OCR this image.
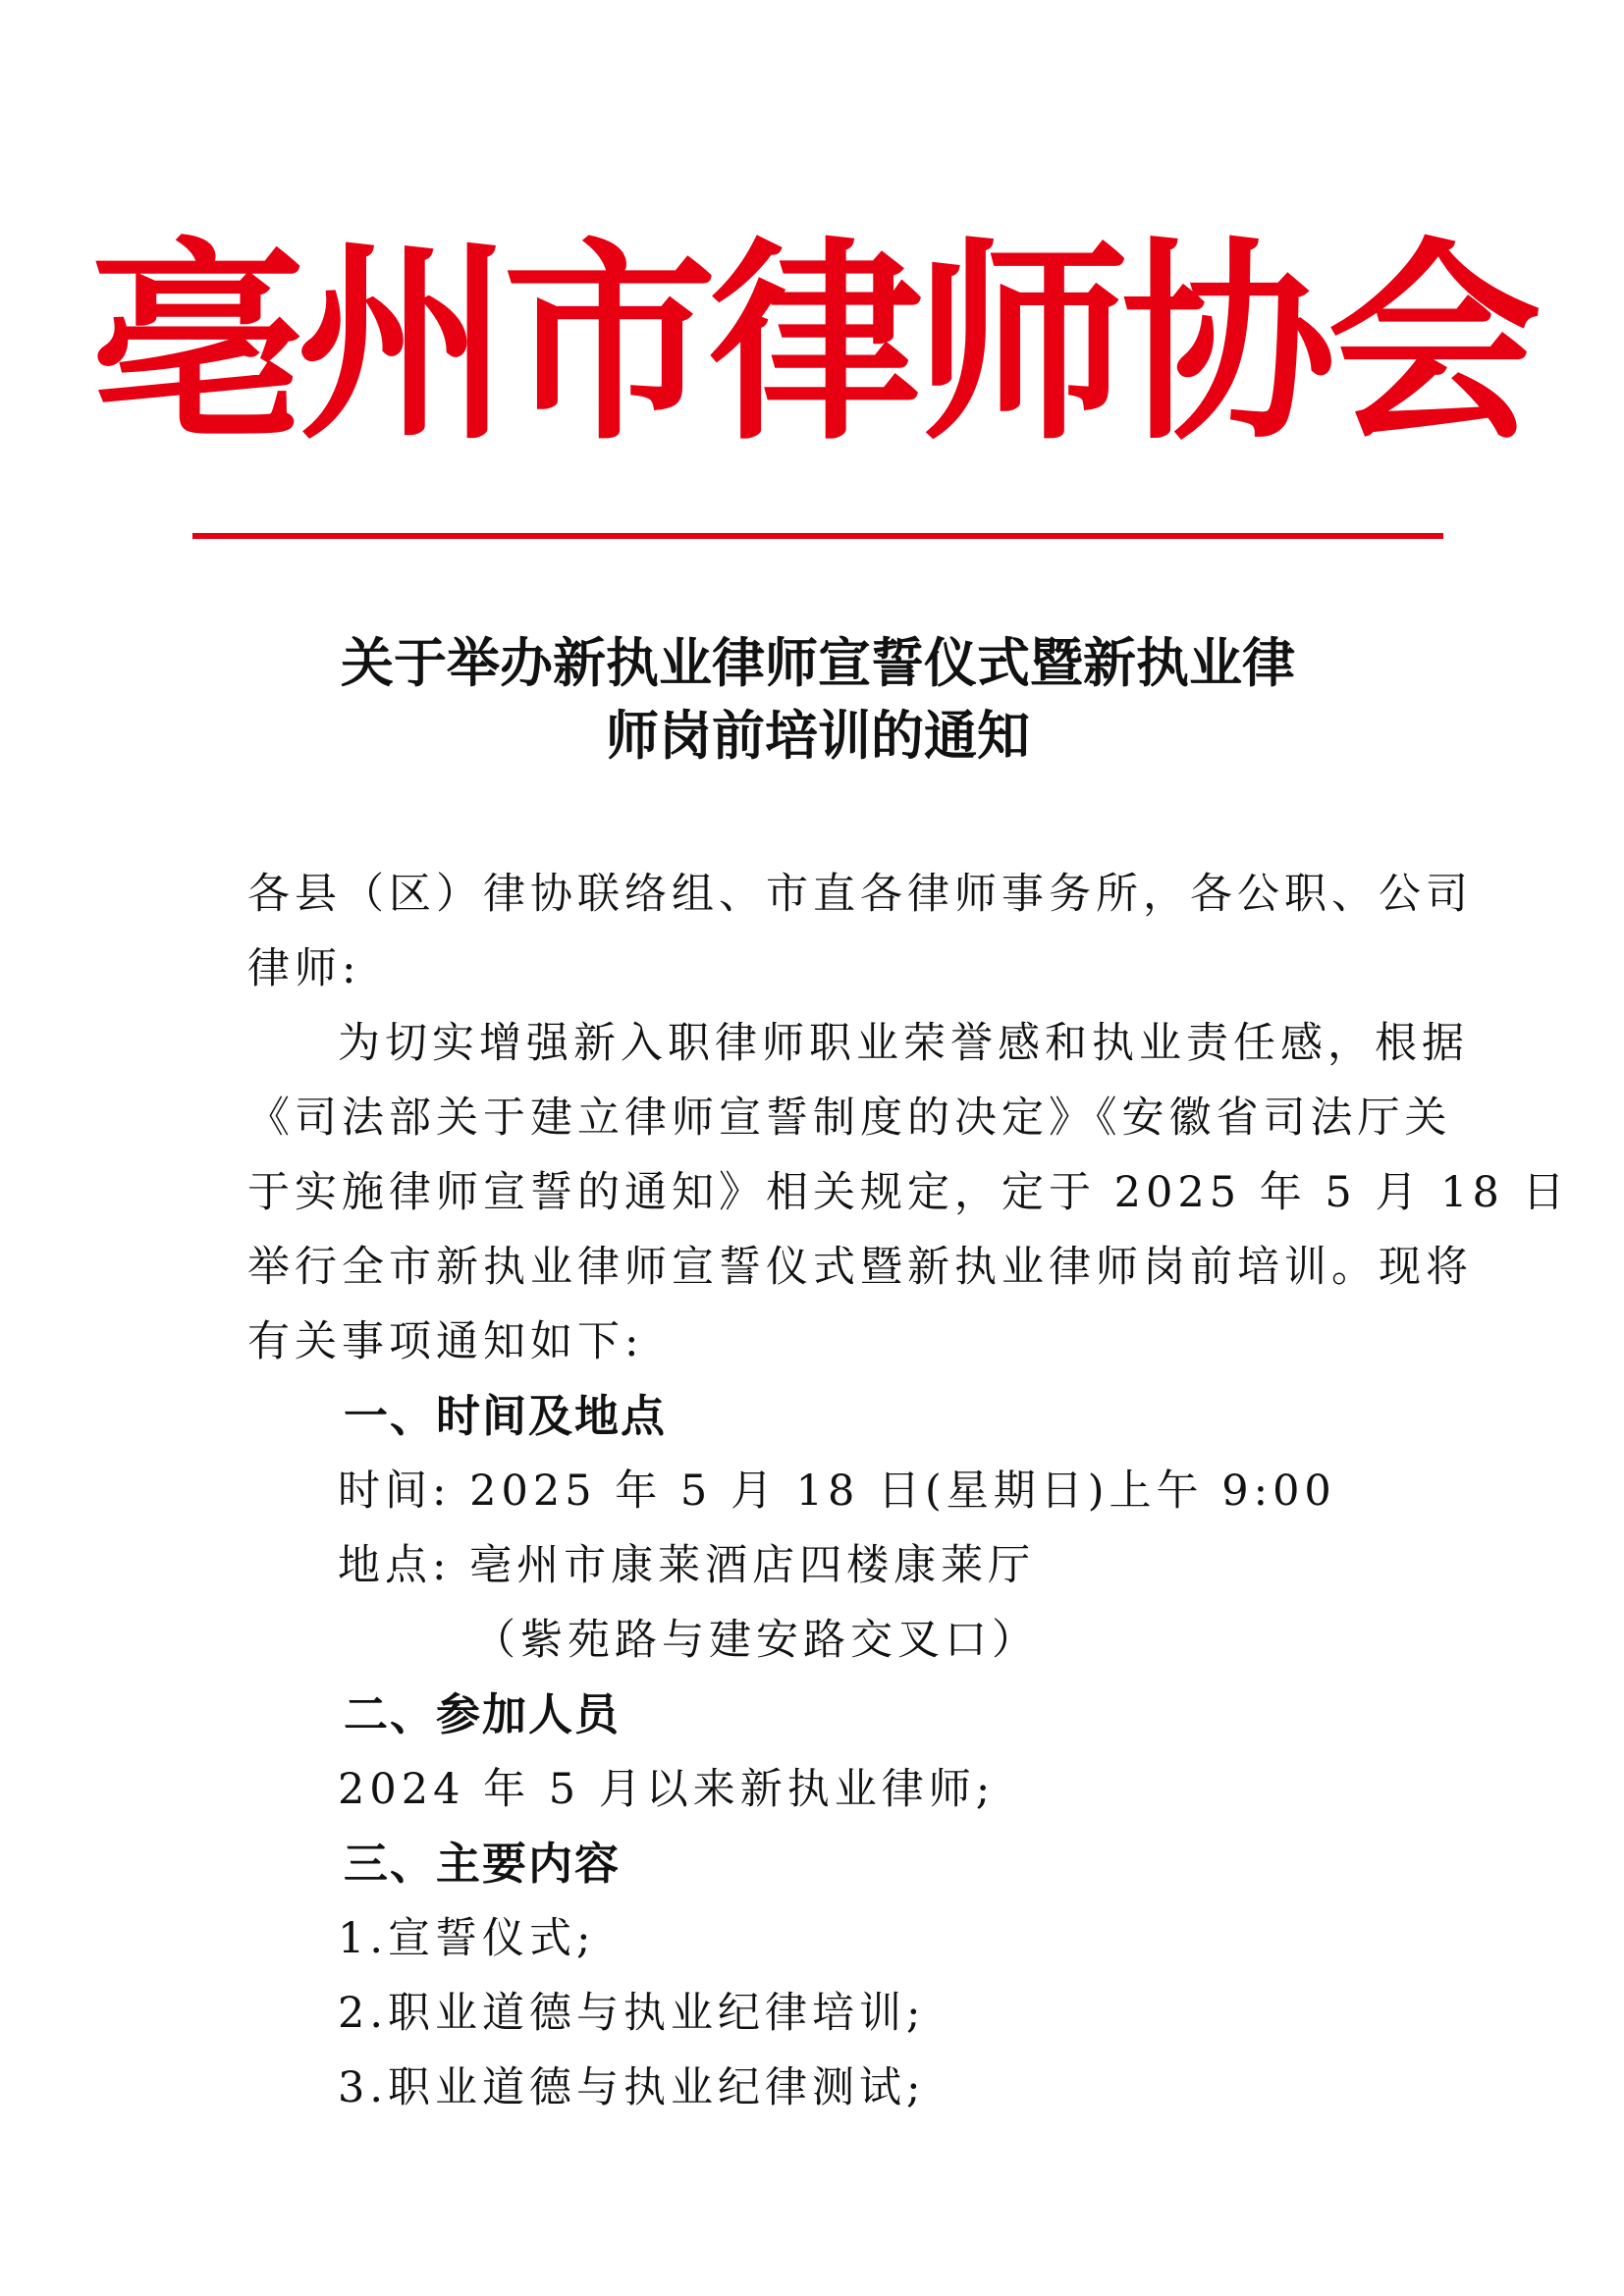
亳州市律师协会
关于举办新执业律师宣誓仪式暨新执业律
师岗前培训的通知
各县（区）律协联络组、市直各律师事务所，各公职、公司
律师:
为切实增强新入职律师职业荣誉感和执业责任感，根据
《司法部关于建立律师宣誓制度的决定》《安徽省司法厅关
于实施律师宣誓的通知》相关规定，定于 2025 年 5 月 18 日
举行全市新执业律师宣誓仪式暨新执业律师岗前培训。现将
有关事项通知如下:
一、时间及地点
时间: 2025 年 5 月 18 日(星期日)上午 9:00
地点: 亳州市康莱酒店四楼康莱厅
（紫苑路与建安路交叉口）
二、参加人员
2024 年 5 月以来新执业律师;
三、主要内容
1.宣誓仪式;
2.职业道德与执业纪律培训;
3.职业道德与执业纪律测试;
